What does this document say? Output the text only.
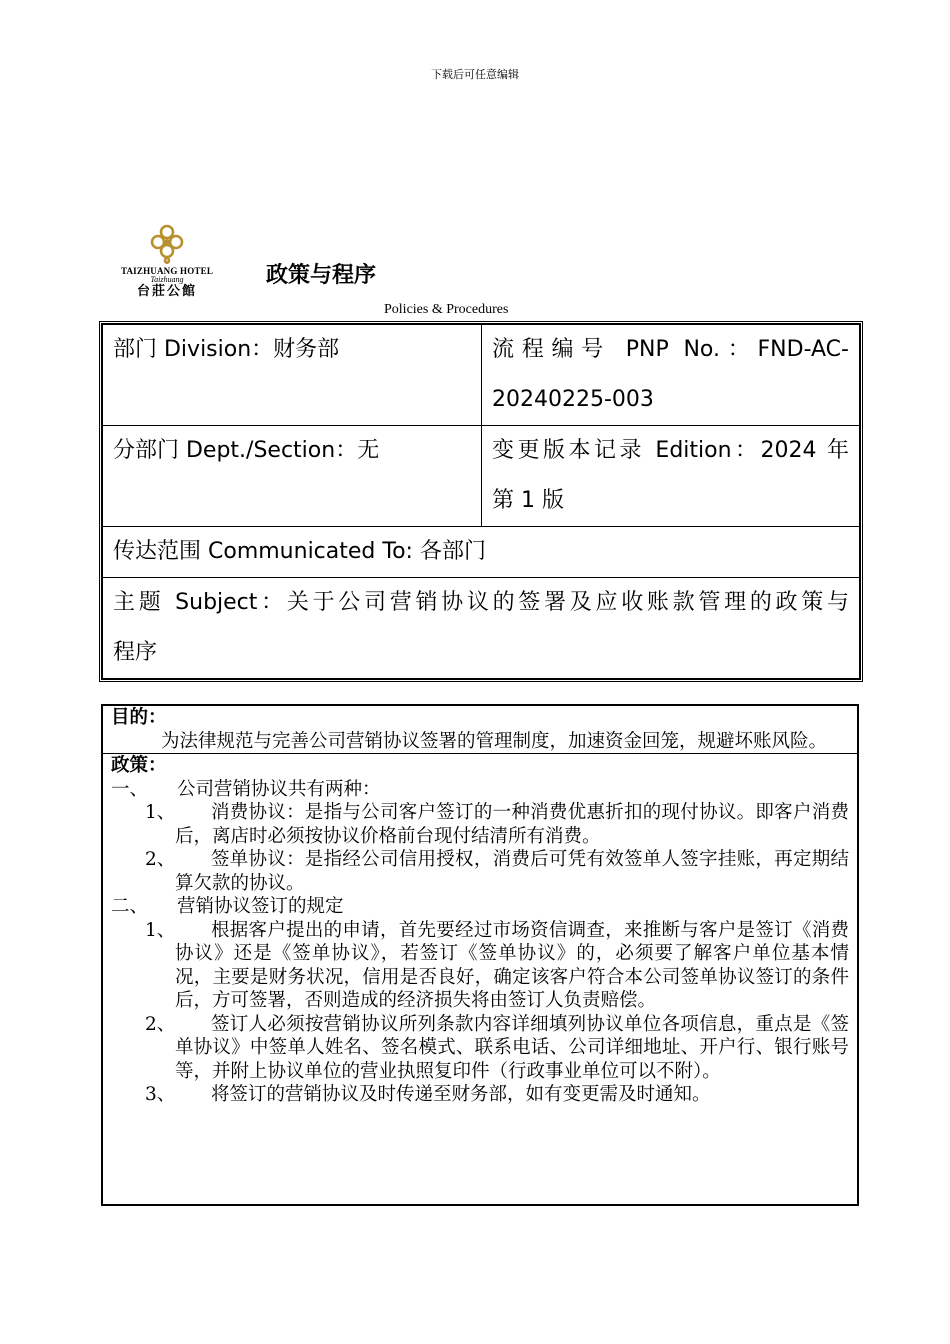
下载后可任意编辑
TAIZHUANG HOTEL
Taizhuang
台莊公館
政策与程序
Policies & Procedures
部门 Division：财务部	流程编号 PNP No.：FND-AC-
20240225-003

分部门 Dept./Section：无	变更版本记录 Edition：2024 年
第 1 版

传达范围 Communicated To: 各部门	

主题 Subject：关于公司营销协议的签署及应收账款管理的政策与
程序	
目的：

为法律规范与完善公司营销协议签署的管理制度，加速资金回笼，规避坏账风险。

政策：
一、	公司营销协议共有两种：
1、	消费协议：是指与公司客户签订的一种消费优惠折扣的现付协议。即客户消费后，离店时必须按协议价格前台现付结清所有消费。

2、	签单协议：是指经公司信用授权，消费后可凭有效签单人签字挂账，再定期结算欠款的协议。

二、	营销协议签订的规定
1、	根据客户提出的申请，首先要经过市场资信调查，来推断与客户是签订《消费协议》还是《签单协议》，若签订《签单协议》的，必须要了解客户单位基本情况，主要是财务状况，信用是否良好，确定该客户符合本公司签单协议签订的条件后，方可签署，否则造成的经济损失将由签订人负责赔偿。

2、	签订人必须按营销协议所列条款内容详细填列协议单位各项信息，重点是《签单协议》中签单人姓名、签名模式、联系电话、公司详细地址、开户行、银行账号等，并附上协议单位的营业执照复印件（行政事业单位可以不附）。

3、	将签订的营销协议及时传递至财务部，如有变更需及时通知。
